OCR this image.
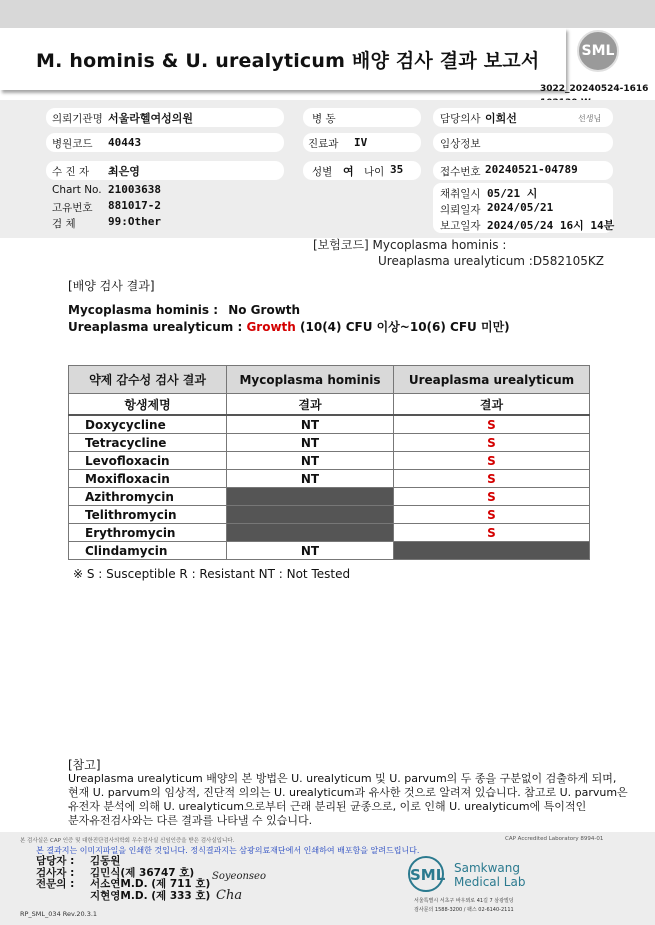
M. hominis & U. urealyticum 배양 검사 결과 보고서	SML
3022_20240524-1616
의뢰기관명 서울라헬여성의원
병원코드 40443
수 진 자 최은영
병 동
진료과 IV
성별 여 나이 35
담당의사 이희선	선생님
임상정보
접수번호 20240521-04789
Chart No. 21003638
고유번호 881017-2
검 체	99:Other
채취일시 05/21 시
의뢰일자 2024/05/21
보고일자 2024/05/24 16시 14분
[보험코드] Mycoplasma hominis :
Ureaplasma urealyticum :D582105KZ
[배양 검사 결과]
Mycoplasma hominis : No Growth
Ureaplasma urealyticum : Growth (10(4) CFU 이상~10(6) CFU 미만)
약제 감수성 검사 결과	Mycoplasma hominis	Ureaplasma urealyticum
항생제명	결과	결과
Doxycycline	NT	S
Tetracycline	NT	S
Levofloxacin	NT	S
Moxifloxacin	NT	S
Azithromycin		S
Telithromycin		S
Erythromycin		S
Clindamycin	NT	
※ S : Susceptible R : Resistant NT : Not Tested
[참고]
Ureaplasma urealyticum 배양의 본 방법은 U. urealyticum 및 U. parvum의 두 종을 구분없이 검출하게 되며,
현재 U. parvum의 임상적, 진단적 의의는 U. urealyticum과 유사한 것으로 알려져 있습니다. 참고로 U. parvum은
유전자 분석에 의해 U. urealyticum으로부터 근래 분리된 균종으로, 이로 인해 U. urealyticum에 특이적인
분자유전검사와는 다른 결과를 나타낼 수 있습니다.
본 검사실은 CAP 인증 및 대한진단검사의학회 우수검사실 신임인증을 받은 검사실입니다.	CAP Accredited Laboratory 8994-01
본 결과지는 이미지파일을 인쇄한 것입니다. 정식결과지는 삼광의료재단에서 인쇄하여 배포함을 알려드립니다.
담당자 : 김동원
검사자 : 김민식(제 36747 호)
전문의 : 서소연M.D. (제 711 호)
지현영M.D. (제 333 호)
Soyeonseo
Cha
SML Samkwang
Medical Lab
서울특별시 서초구 바우뫼로 41길 7 삼광빌딩
검사문의 1588-3200 / 팩스 02-6140-2111
RP_SML_034 Rev.20.3.1
